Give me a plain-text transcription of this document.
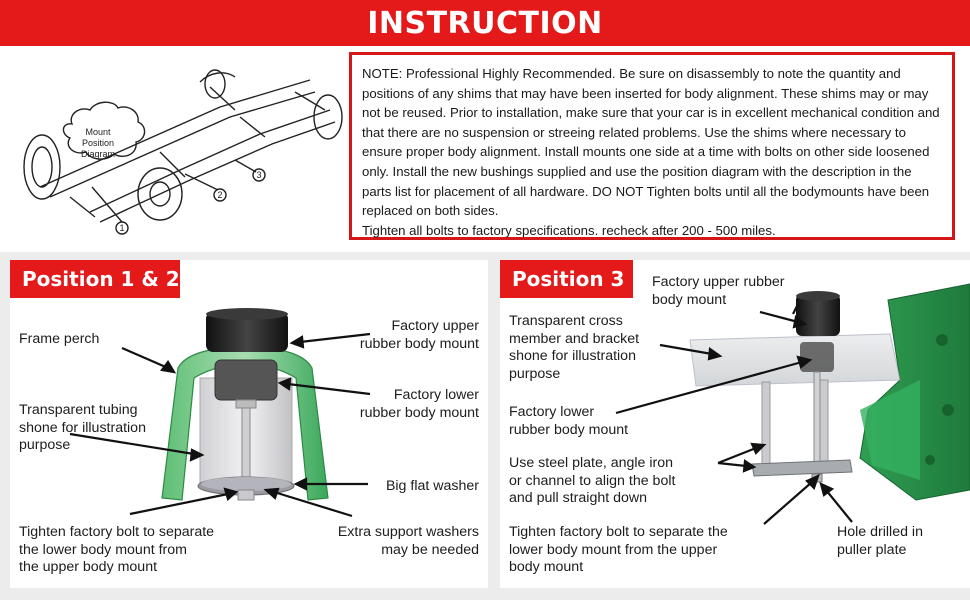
INSTRUCTION
Mount
Position
Diagram
1
2
3

NOTE: Professional Highly Recommended. Be sure on disassembly to note the quantity and positions of any shims that may have been inserted for body alignment. These shims may or may not be reused. Prior to installation, make sure that your car is in excellent mechanical condition and that there are no suspension or streeing related problems. Use the shims where necessary to ensure proper body alignment. Install mounts one side at a time with bolts on other side loosened only. Install the new bushings supplied and use the position diagram with the description in the parts list for placement of all hardware. DO NOT Tighten bolts until all the bodymounts have been replaced on both sides.

Tighten all bolts to factory specifications. recheck after 200 - 500 miles.

Position 1 & 2
Frame perch
Factory upper
rubber body mount
Factory lower
rubber body mount
Transparent tubing
shone for illustration
purpose
Big flat washer
Tighten factory bolt to separate
the lower body mount from
the upper body mount
Extra support washers
may be needed
Position 3	Factory upper rubber
body mount
Transparent cross
member and bracket
shone for illustration
purpose
Factory lower
rubber body mount
Use steel plate, angle iron
or channel to align the bolt
and pull straight down
Tighten factory bolt to separate the
lower body mount from the upper
body mount
Hole drilled in
puller plate
